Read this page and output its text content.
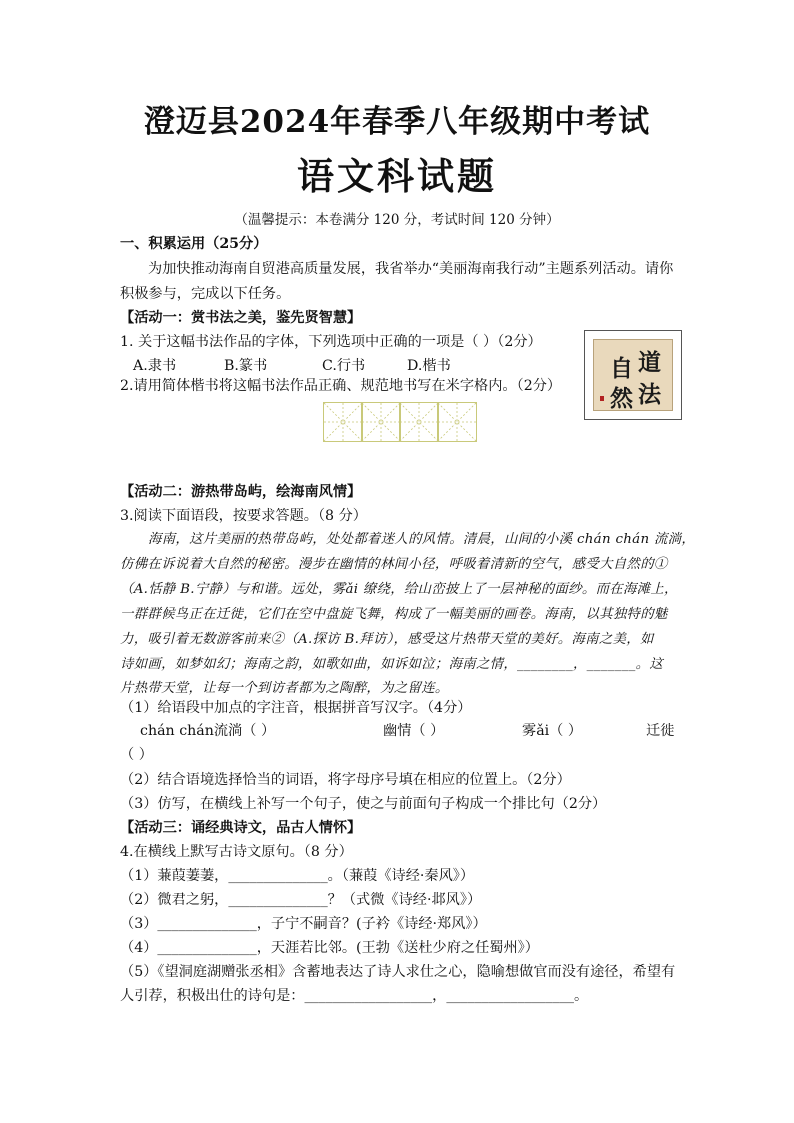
澄迈县2024年春季八年级期中考试
语文科试题
（温馨提示：本卷满分 120 分，考试时间 120 分钟）
一、积累运用（25分）
为加快推动海南自贸港高质量发展，我省举办“美丽海南我行动”主题系列活动。请你
积极参与，完成以下任务。
【活动一：赏书法之美，鉴先贤智慧】
1. 关于这幅书法作品的字体，下列选项中正确的一项是（ ）（2分）
A.隶书	B.篆书	C.行书	D.楷书
2.请用简体楷书将这幅书法作品正确、规范地书写在米字格内。（2分）
道
法
自
然
【活动二：游热带岛屿，绘海南风情】
3.阅读下面语段，按要求答题。（8 分）
海南，这片美丽的热带岛屿，处处都着迷人的风情。清晨，山间的小溪 chán chán 流淌，
仿佛在诉说着大自然的秘密。漫步在幽情的林间小径，呼吸着清新的空气，感受大自然的①
（A.恬静 B.宁静）与和谐。远处，雾ǎi 缭绕，给山峦披上了一层神秘的面纱。而在海滩上，
一群群候鸟正在迁徙，它们在空中盘旋飞舞，构成了一幅美丽的画卷。海南，以其独特的魅
力，吸引着无数游客前来②（A.探访 B.拜访），感受这片热带天堂的美好。海南之美，如
诗如画，如梦如幻；海南之韵，如歌如曲，如诉如泣；海南之情，________，_______。这
片热带天堂，让每一个到访者都为之陶醉，为之留连。
（1）给语段中加点的字注音，根据拼音写汉字。（4分）
chán chán流淌（ ）	幽情（ ）	雾ǎi（ ）	迁徙
（ ）
（2）结合语境选择恰当的词语，将字母序号填在相应的位置上。（2分）
（3）仿写，在横线上补写一个句子，使之与前面句子构成一个排比句（2分）
【活动三：诵经典诗文，品古人情怀】
4.在横线上默写古诗文原句。（8 分）
（1）蒹葭萋萋，______________。（蒹葭《诗经·秦风》）
（2）微君之躬，______________？（式微《诗经·邶风》）
（3）______________，子宁不嗣音？(子衿《诗经·郑风》）
（4）______________，天涯若比邻。(王勃《送杜少府之任蜀州》）
（5）《望洞庭湖赠张丞相》含蓄地表达了诗人求仕之心，隐喻想做官而没有途径，希望有
人引荐，积极出仕的诗句是：__________________，__________________。
